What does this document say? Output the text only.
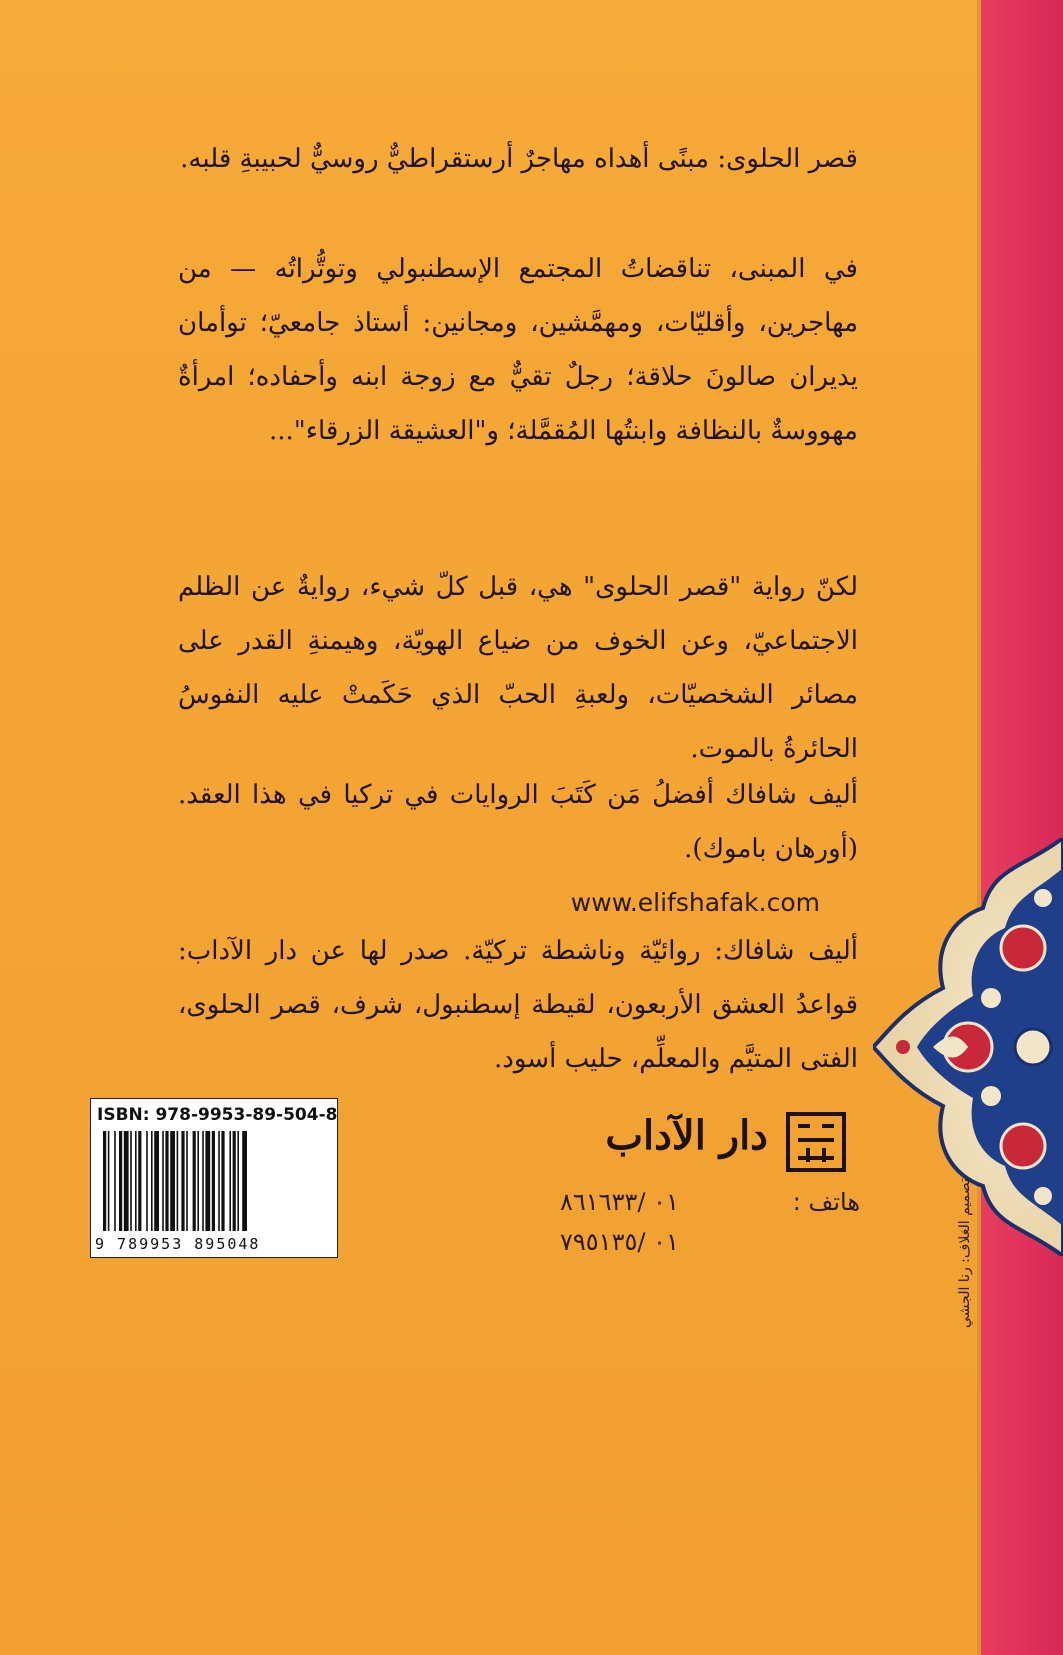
قصر الحلوى: مبنًى أهداه مهاجرٌ أرستقراطيٌّ روسيٌّ لحبيبةِ قلبه.
في المبنى، تناقضاتُ المجتمع الإسطنبولي وتوتُّراتُه — من مهاجرين، وأقليّات، ومهمَّشين، ومجانين: أستاذ جامعيّ؛ توأمان يديران صالونَ حلاقة؛ رجلٌ تقيٌّ مع زوجة ابنه وأحفاده؛ امرأةٌ مهووسةٌ بالنظافة وابنتُها المُقمَّلة؛ و"العشيقة الزرقاء"...
لكنّ رواية "قصر الحلوى" هي، قبل كلّ شيء، روايةٌ عن الظلم الاجتماعيّ، وعن الخوف من ضياع الهويّة، وهيمنةِ القدر على مصائر الشخصيّات، ولعبةِ الحبّ الذي حَكَمتْ عليه النفوسُ الحائرةُ بالموت.
أليف شافاك أفضلُ مَن كَتَبَ الروايات في تركيا في هذا العقد. (أورهان باموك).
أليف شافاك: روائيّة وناشطة تركيّة. صدر لها عن دار الآداب: قواعدُ العشق الأربعون، لقيطة إسطنبول، شرف، قصر الحلوى، الفتى المتيَّم والمعلِّم، حليب أسود.
www.elifshafak.com
تصميم الغلاف: رنا الجشي
ISBN: 978-9953-89-504-8
9 789953 895048
دار الآداب
هاتف :
٠١ /٨٦١٦٣٣
٠١ /٧٩٥١٣٥
